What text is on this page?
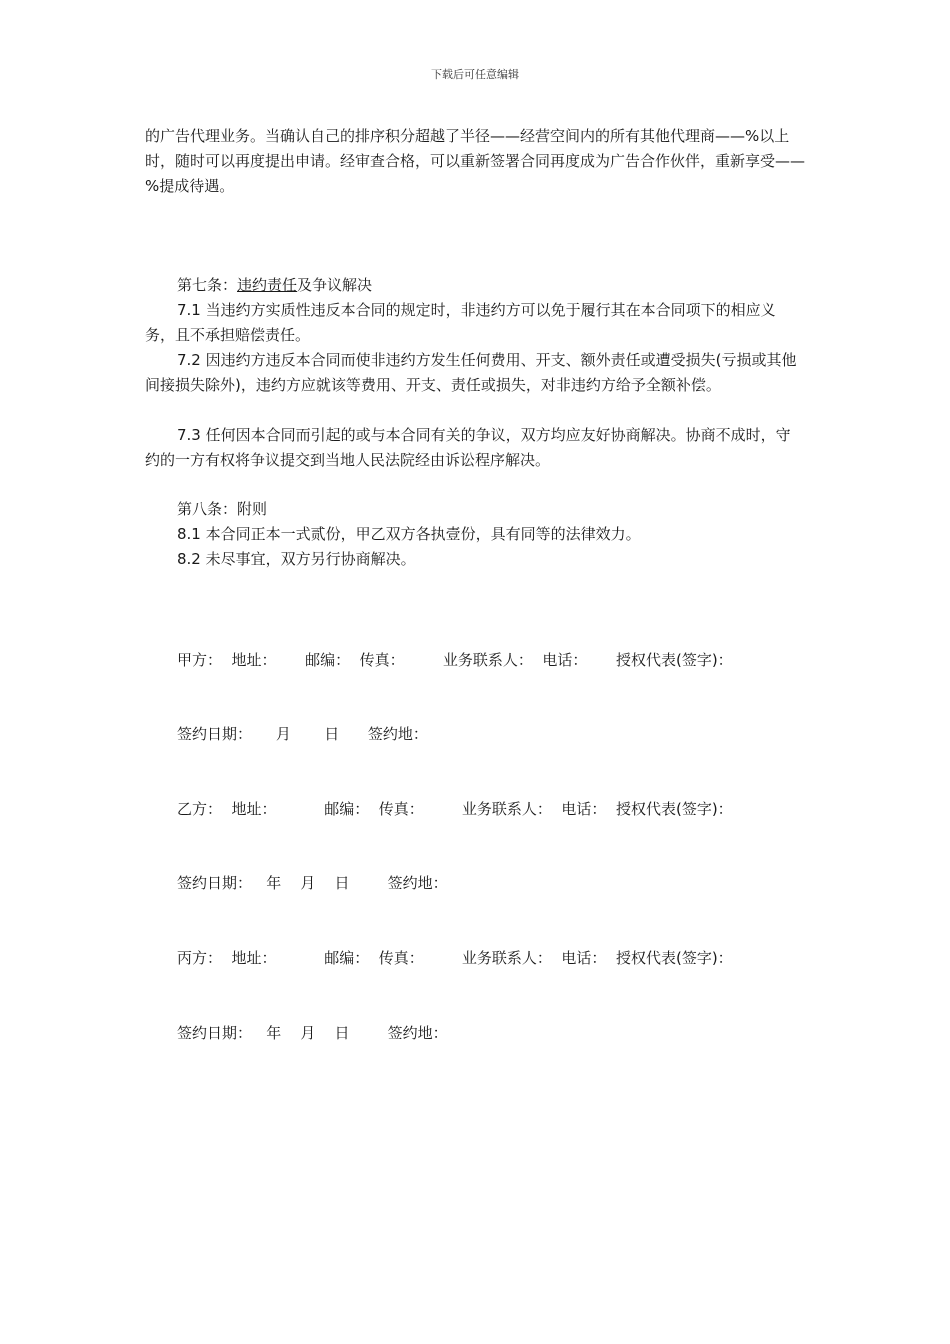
下载后可任意编辑

的广告代理业务。当确认自己的排序积分超越了半径——经营空间内的所有其他代理商——%以上时，随时可以再度提出申请。经审查合格，可以重新签署合同再度成为广告合作伙伴，重新享受——%提成待遇。

第七条：违约责任及争议解决

7.1 当违约方实质性违反本合同的规定时，非违约方可以免于履行其在本合同项下的相应义务，且不承担赔偿责任。

7.2 因违约方违反本合同而使非违约方发生任何费用、开支、额外责任或遭受损失(亏损或其他间接损失除外)，违约方应就该等费用、开支、责任或损失，对非违约方给予全额补偿。

7.3 任何因本合同而引起的或与本合同有关的争议，双方均应友好协商解决。协商不成时，守约的一方有权将争议提交到当地人民法院经由诉讼程序解决。

第八条：附则

8.1 本合同正本一式贰份，甲乙双方各执壹份，具有同等的法律效力。

8.2 未尽事宜，双方另行协商解决。

甲方：  地址：      邮编：  传真：        业务联系人：  电话：      授权代表(签字)：

签约日期：     月       日      签约地：

乙方：  地址：          邮编：  传真：        业务联系人：  电话：  授权代表(签字)：

签约日期：   年    月    日        签约地：

丙方：  地址：          邮编：  传真：        业务联系人：  电话：  授权代表(签字)：

签约日期：   年    月    日        签约地：
